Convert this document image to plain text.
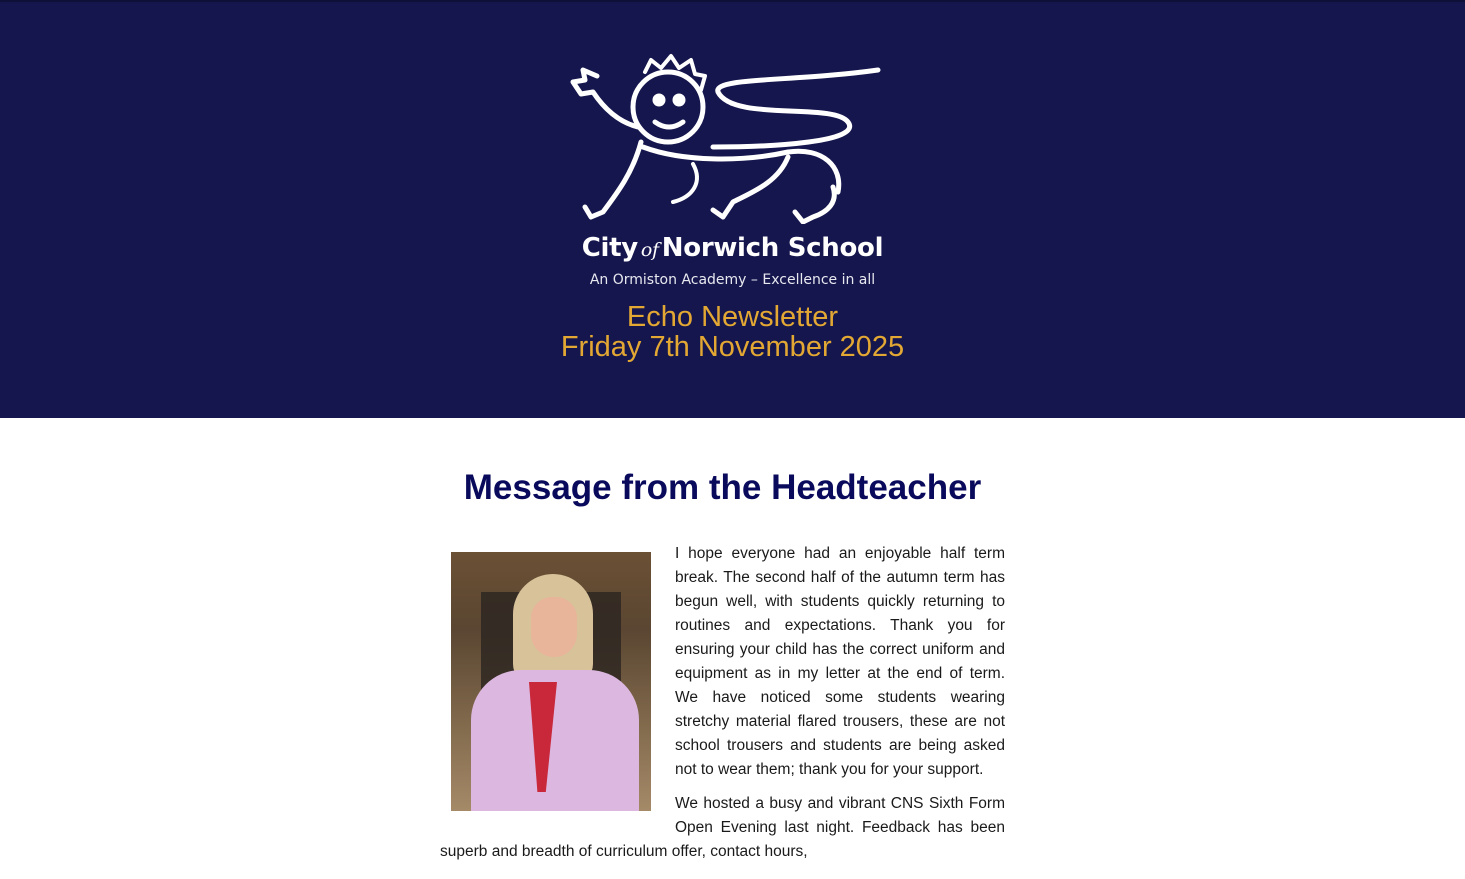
City of Norwich School
An Ormiston Academy – Excellence in all
Echo Newsletter
Friday 7th November 2025
Message from the Headteacher

I hope everyone had an enjoyable half term break. The second half of the autumn term has begun well, with students quickly returning to routines and expectations. Thank you for ensuring your child has the correct uniform and equipment as in my letter at the end of term. We have noticed some students wearing stretchy material flared trousers, these are not school trousers and students are being asked not to wear them; thank you for your support.

We hosted a busy and vibrant CNS Sixth Form Open Evening last night. Feedback has been superb and breadth of curriculum offer, contact hours,
